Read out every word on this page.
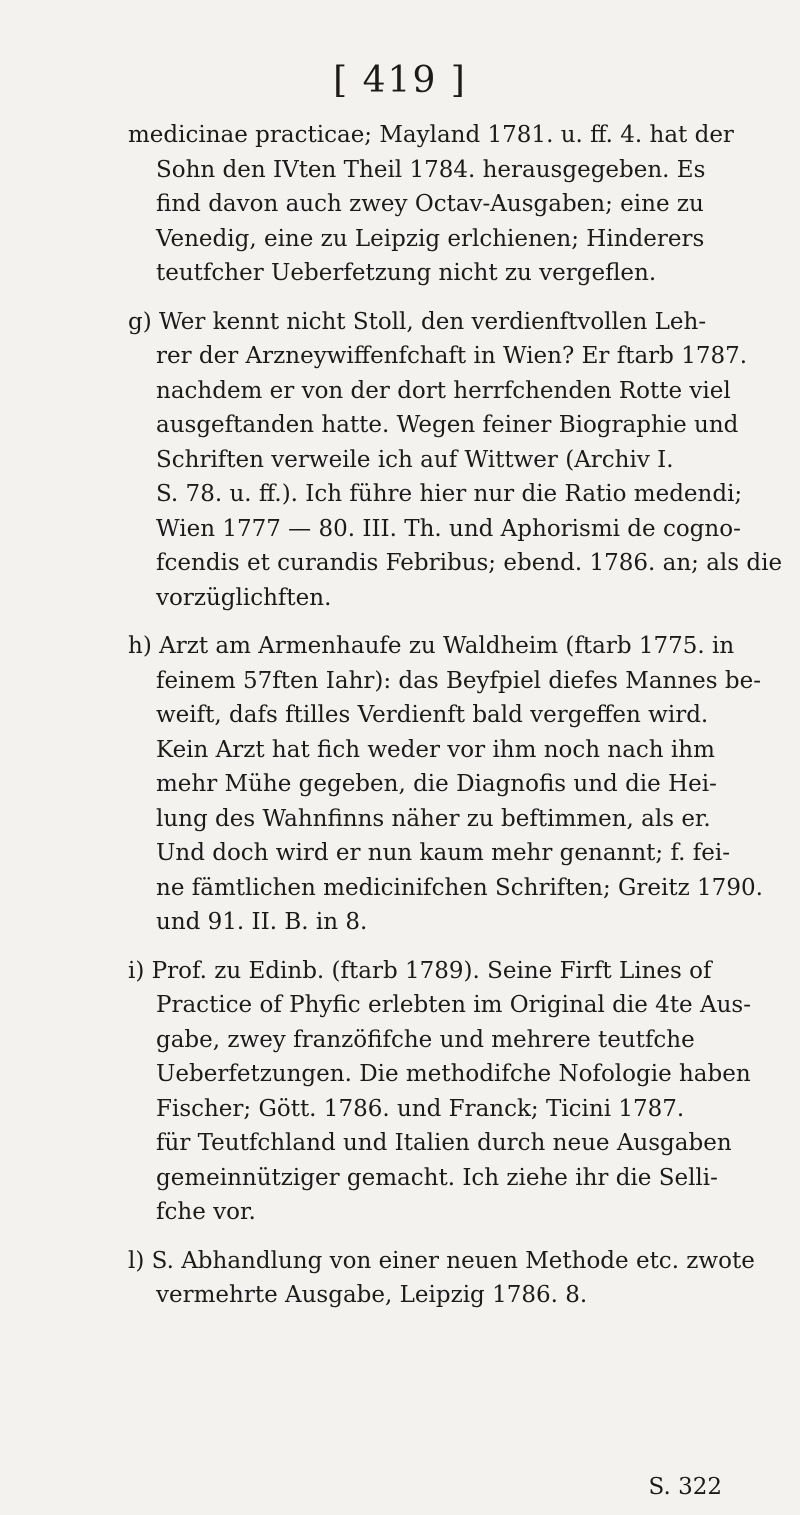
[ 419 ]
medicinae practicae; Mayland 1781. u. ff. 4. hat der
Sohn den IVten Theil 1784. herausgegeben. Es
find davon auch zwey Octav-Ausgaben; eine zu
Venedig, eine zu Leipzig erlchienen; Hinderers
teutfcher Ueberfetzung nicht zu vergeflen.
g) Wer kennt nicht Stoll, den verdienftvollen Leh-
rer der Arzneywiffenfchaft in Wien? Er ftarb 1787.
nachdem er von der dort herrfchenden Rotte viel
ausgeftanden hatte. Wegen feiner Biographie und
Schriften verweile ich auf Wittwer (Archiv I.
S. 78. u. ff.). Ich führe hier nur die Ratio medendi;
Wien 1777 — 80. III. Th. und Aphorismi de cogno-
fcendis et curandis Febribus; ebend. 1786. an; als die
vorzüglichften.
h) Arzt am Armenhaufe zu Waldheim (ftarb 1775. in
feinem 57ften Iahr): das Beyfpiel diefes Mannes be-
weift, dafs ftilles Verdienft bald vergeffen wird.
Kein Arzt hat fich weder vor ihm noch nach ihm
mehr Mühe gegeben, die Diagnofis und die Hei-
lung des Wahnfinns näher zu beftimmen, als er.
Und doch wird er nun kaum mehr genannt; f. fei-
ne fämtlichen medicinifchen Schriften; Greitz 1790.
und 91. II. B. in 8.
i) Prof. zu Edinb. (ftarb 1789). Seine Firft Lines of
Practice of Phyfic erlebten im Original die 4te Aus-
gabe, zwey franzöfifche und mehrere teutfche
Ueberfetzungen. Die methodifche Nofologie haben
Fischer; Gött. 1786. und Franck; Ticini 1787.
für Teutfchland und Italien durch neue Ausgaben
gemeinnütziger gemacht. Ich ziehe ihr die Selli-
fche vor.
l) S. Abhandlung von einer neuen Methode etc. zwote
vermehrte Ausgabe, Leipzig 1786. 8.
S. 322
